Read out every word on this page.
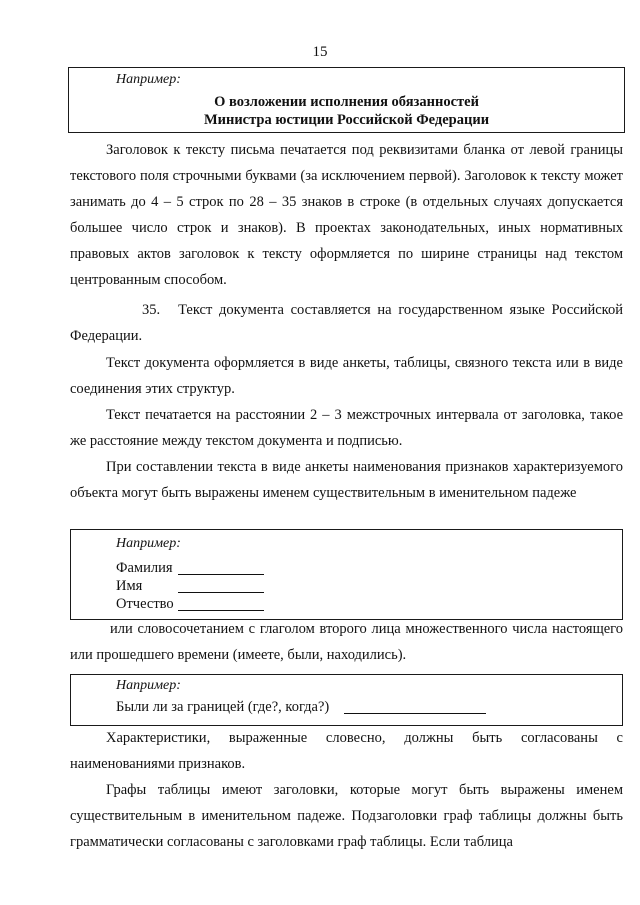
15
Например:
О возложении исполнения обязанностей
Министра юстиции Российской Федерации

Заголовок к тексту письма печатается под реквизитами бланка от левой границы текстового поля строчными буквами (за исключением первой). Заголовок к тексту может занимать до 4 – 5 строк по 28 – 35 знаков в строке (в отдельных случаях допускается большее число строк и знаков). В проектах законодательных, иных нормативных правовых актов заголовок к тексту оформляется по ширине страницы над текстом центрованным способом.

35. Текст документа составляется на государственном языке Российской Федерации.

Текст документа оформляется в виде анкеты, таблицы, связного текста или в виде соединения этих структур.

Текст печатается на расстоянии 2 – 3 межстрочных интервала от заголовка, такое же расстояние между текстом документа и подписью.

При составлении текста в виде анкеты наименования признаков характеризуемого объекта могут быть выражены именем существительным в именительном падеже

Например:
Фамилия
Имя
Отчество

или словосочетанием с глаголом второго лица множественного числа настоящего или прошедшего времени (имеете, были, находились).

Например:
Были ли за границей (где?, когда?)

Характеристики, выраженные словесно, должны быть согласованы с наименованиями признаков.

Графы таблицы имеют заголовки, которые могут быть выражены именем существительным в именительном падеже. Подзаголовки граф таблицы должны быть грамматически согласованы с заголовками граф таблицы. Если таблица
